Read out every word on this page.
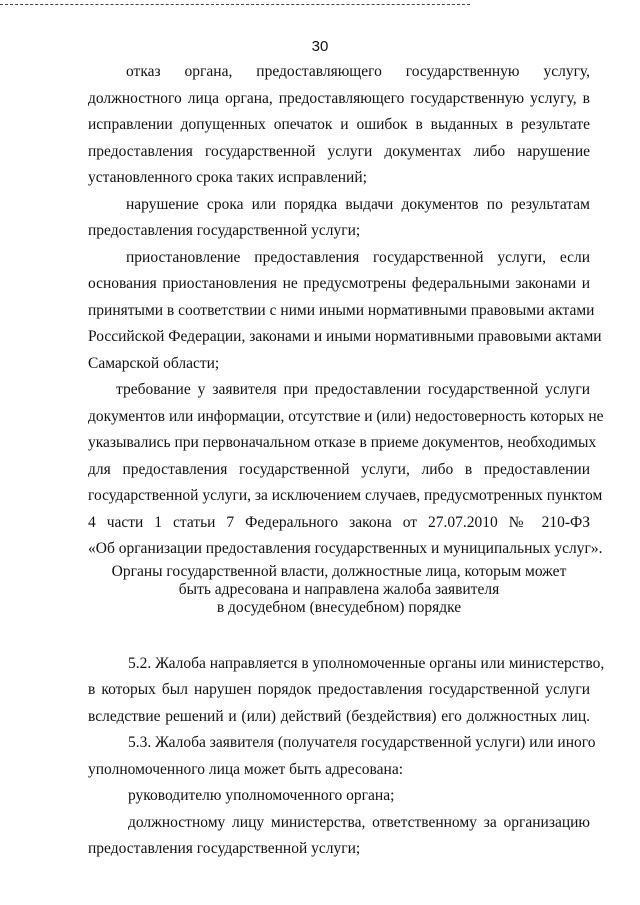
30
отказ органа, предоставляющего государственную услугу,
должностного лица органа, предоставляющего государственную услугу, в
исправлении допущенных опечаток и ошибок в выданных в результате
предоставления государственной услуги документах либо нарушение
установленного срока таких исправлений;
нарушение срока или порядка выдачи документов по результатам
предоставления государственной услуги;
приостановление предоставления государственной услуги, если
основания приостановления не предусмотрены федеральными законами и
принятыми в соответствии с ними иными нормативными правовыми актами
Российской Федерации, законами и иными нормативными правовыми актами
Самарской области;
требование у заявителя при предоставлении государственной услуги
документов или информации, отсутствие и (или) недостоверность которых не
указывались при первоначальном отказе в приеме документов, необходимых
для предоставления государственной услуги, либо в предоставлении
государственной услуги, за исключением случаев, предусмотренных пунктом
4 части 1 статьи 7 Федерального закона от 27.07.2010 № 210-ФЗ
«Об организации предоставления государственных и муниципальных услуг».
Органы государственной власти, должностные лица, которым может
быть адресована и направлена жалоба заявителя
в досудебном (внесудебном) порядке
5.2. Жалоба направляется в уполномоченные органы или министерство,
в которых был нарушен порядок предоставления государственной услуги
вследствие решений и (или) действий (бездействия) его должностных лиц.
5.3. Жалоба заявителя (получателя государственной услуги) или иного
уполномоченного лица может быть адресована:
руководителю уполномоченного органа;
должностному лицу министерства, ответственному за организацию
предоставления государственной услуги;
